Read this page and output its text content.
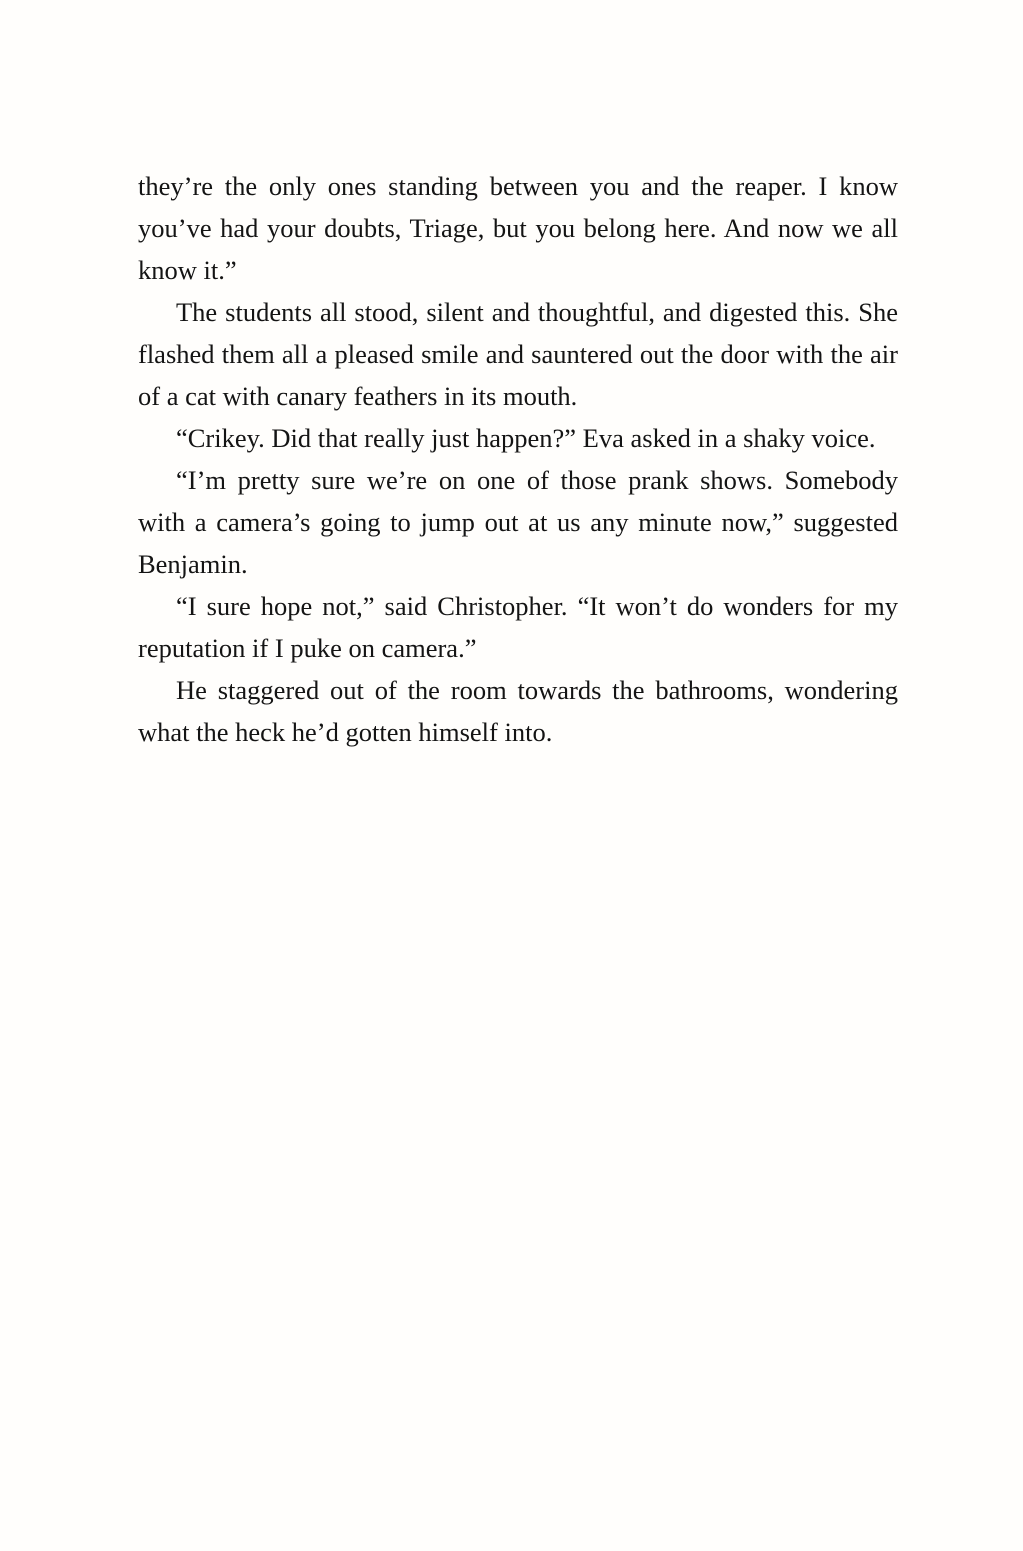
they’re the only ones standing between you and the reaper. I know you’ve had your doubts, Triage, but you belong here. And now we all know it.”

The students all stood, silent and thoughtful, and digested this. She flashed them all a pleased smile and sauntered out the door with the air of a cat with canary feathers in its mouth.

“Crikey. Did that really just happen?” Eva asked in a shaky voice.

“I’m pretty sure we’re on one of those prank shows. Somebody with a camera’s going to jump out at us any minute now,” suggested Benjamin.

“I sure hope not,” said Christopher. “It won’t do wonders for my reputation if I puke on camera.”

He staggered out of the room towards the bathrooms, wondering what the heck he’d gotten himself into.
